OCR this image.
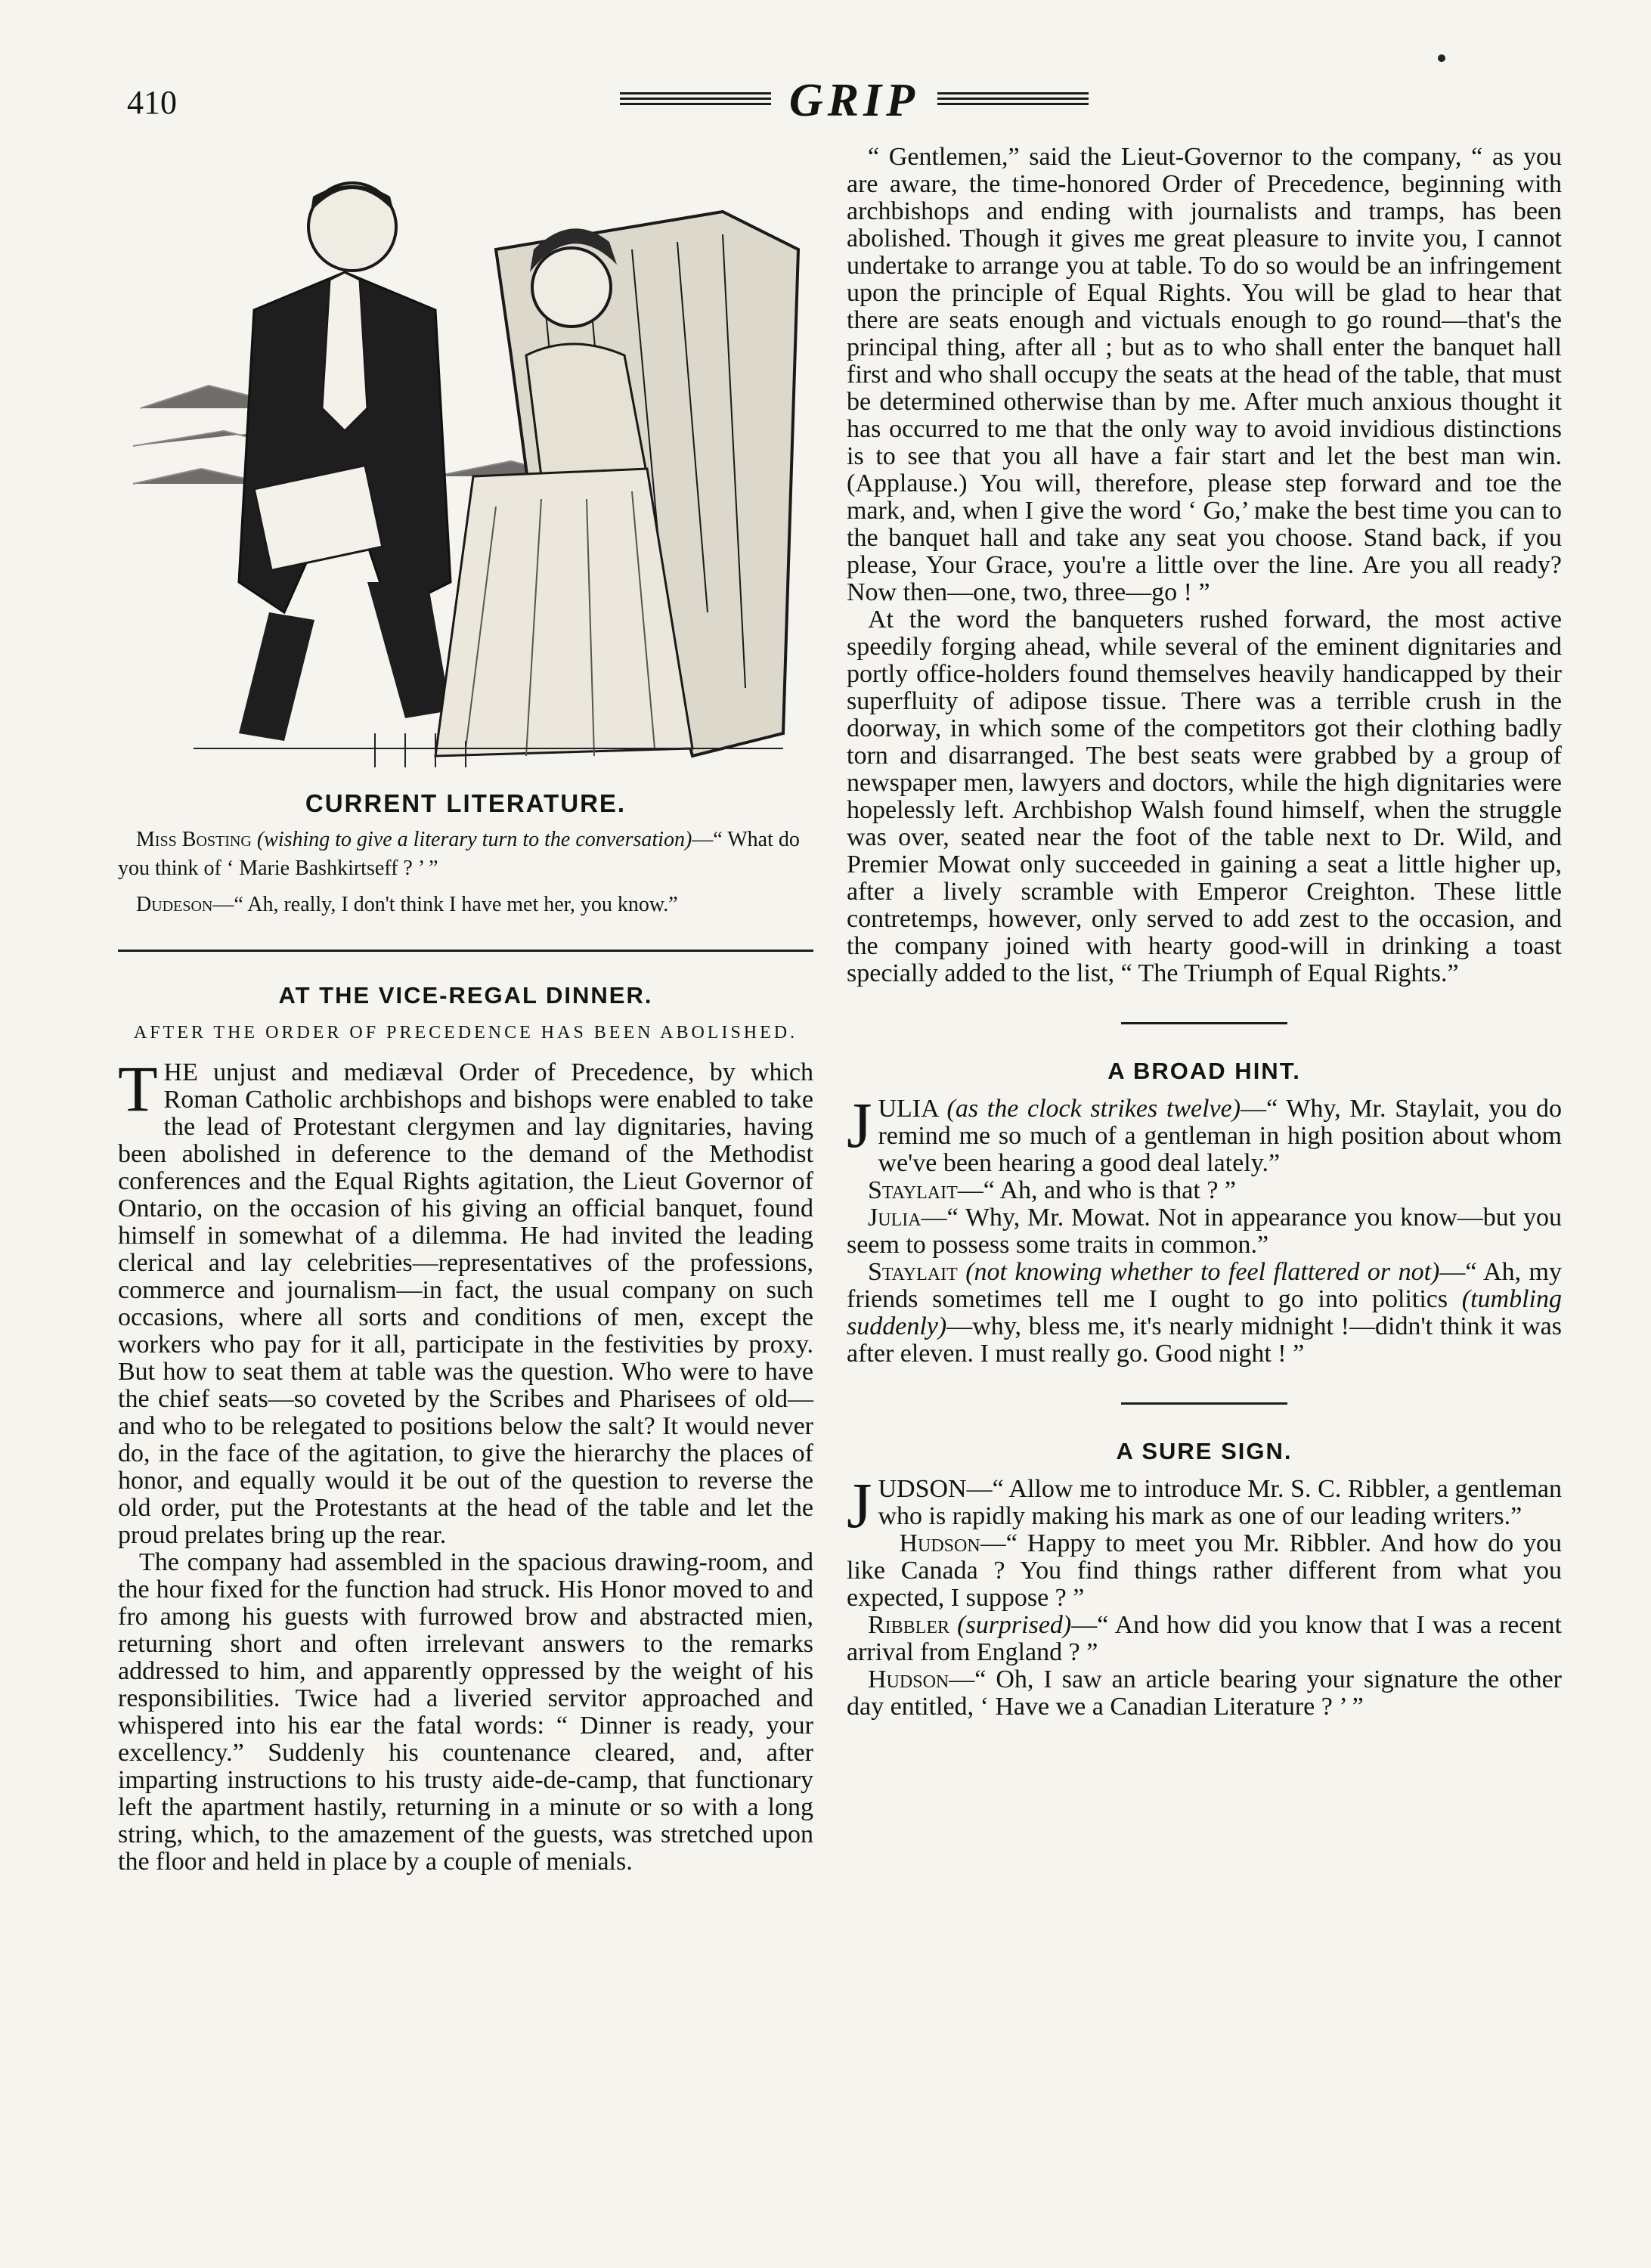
410	GRIP
CURRENT LITERATURE.

Miss Bosting (wishing to give a literary turn to the conversation)—“ What do you think of ‘ Marie Bashkirtseff ? ’ ”

Dudeson—“ Ah, really, I don't think I have met her, you know.”

AT THE VICE-REGAL DINNER.
AFTER THE ORDER OF PRECEDENCE HAS BEEN ABOLISHED.

THE unjust and mediæval Order of Precedence, by which Roman Catholic archbishops and bishops were enabled to take the lead of Protestant clergymen and lay dignitaries, having been abolished in deference to the demand of the Methodist conferences and the Equal Rights agitation, the Lieut Governor of Ontario, on the occasion of his giving an official banquet, found himself in somewhat of a dilemma. He had invited the leading clerical and lay celebrities—representatives of the professions, commerce and journalism—in fact, the usual company on such occasions, where all sorts and conditions of men, except the workers who pay for it all, participate in the festivities by proxy. But how to seat them at table was the question. Who were to have the chief seats—so coveted by the Scribes and Pharisees of old—and who to be relegated to positions below the salt? It would never do, in the face of the agitation, to give the hierarchy the places of honor, and equally would it be out of the question to reverse the old order, put the Protestants at the head of the table and let the proud prelates bring up the rear.

The company had assembled in the spacious drawing-room, and the hour fixed for the function had struck. His Honor moved to and fro among his guests with furrowed brow and abstracted mien, returning short and often irrelevant answers to the remarks addressed to him, and apparently oppressed by the weight of his responsibilities. Twice had a liveried servitor approached and whispered into his ear the fatal words: “ Dinner is ready, your excellency.” Suddenly his countenance cleared, and, after imparting instructions to his trusty aide-de-camp, that functionary left the apartment hastily, returning in a minute or so with a long string, which, to the amazement of the guests, was stretched upon the floor and held in place by a couple of menials.

“ Gentlemen,” said the Lieut-Governor to the company, “ as you are aware, the time-honored Order of Precedence, beginning with archbishops and ending with journalists and tramps, has been abolished. Though it gives me great pleasure to invite you, I cannot undertake to arrange you at table. To do so would be an infringement upon the principle of Equal Rights. You will be glad to hear that there are seats enough and victuals enough to go round—that's the principal thing, after all ; but as to who shall enter the banquet hall first and who shall occupy the seats at the head of the table, that must be determined otherwise than by me. After much anxious thought it has occurred to me that the only way to avoid invidious distinctions is to see that you all have a fair start and let the best man win. (Applause.) You will, therefore, please step forward and toe the mark, and, when I give the word ‘ Go,’ make the best time you can to the banquet hall and take any seat you choose. Stand back, if you please, Your Grace, you're a little over the line. Are you all ready? Now then—one, two, three—go ! ”

At the word the banqueters rushed forward, the most active speedily forging ahead, while several of the eminent dignitaries and portly office-holders found themselves heavily handicapped by their superfluity of adipose tissue. There was a terrible crush in the doorway, in which some of the competitors got their clothing badly torn and disarranged. The best seats were grabbed by a group of newspaper men, lawyers and doctors, while the high dignitaries were hopelessly left. Archbishop Walsh found himself, when the struggle was over, seated near the foot of the table next to Dr. Wild, and Premier Mowat only succeeded in gaining a seat a little higher up, after a lively scramble with Emperor Creighton. These little contretemps, however, only served to add zest to the occasion, and the company joined with hearty good-will in drinking a toast specially added to the list, “ The Triumph of Equal Rights.”

A BROAD HINT.

JULIA (as the clock strikes twelve)—“ Why, Mr. Staylait, you do remind me so much of a gentleman in high position about whom we've been hearing a good deal lately.”

Staylait—“ Ah, and who is that ? ”

Julia—“ Why, Mr. Mowat. Not in appearance you know—but you seem to possess some traits in common.”

Staylait (not knowing whether to feel flattered or not)—“ Ah, my friends sometimes tell me I ought to go into politics (tumbling suddenly)—why, bless me, it's nearly midnight !—didn't think it was after eleven. I must really go. Good night ! ”

A SURE SIGN.

JUDSON—“ Allow me to introduce Mr. S. C. Ribbler, a gentleman who is rapidly making his mark as one of our leading writers.”

Hudson—“ Happy to meet you Mr. Ribbler. And how do you like Canada ? You find things rather different from what you expected, I suppose ? ”

Ribbler (surprised)—“ And how did you know that I was a recent arrival from England ? ”

Hudson—“ Oh, I saw an article bearing your signature the other day entitled, ‘ Have we a Canadian Literature ? ’ ”
